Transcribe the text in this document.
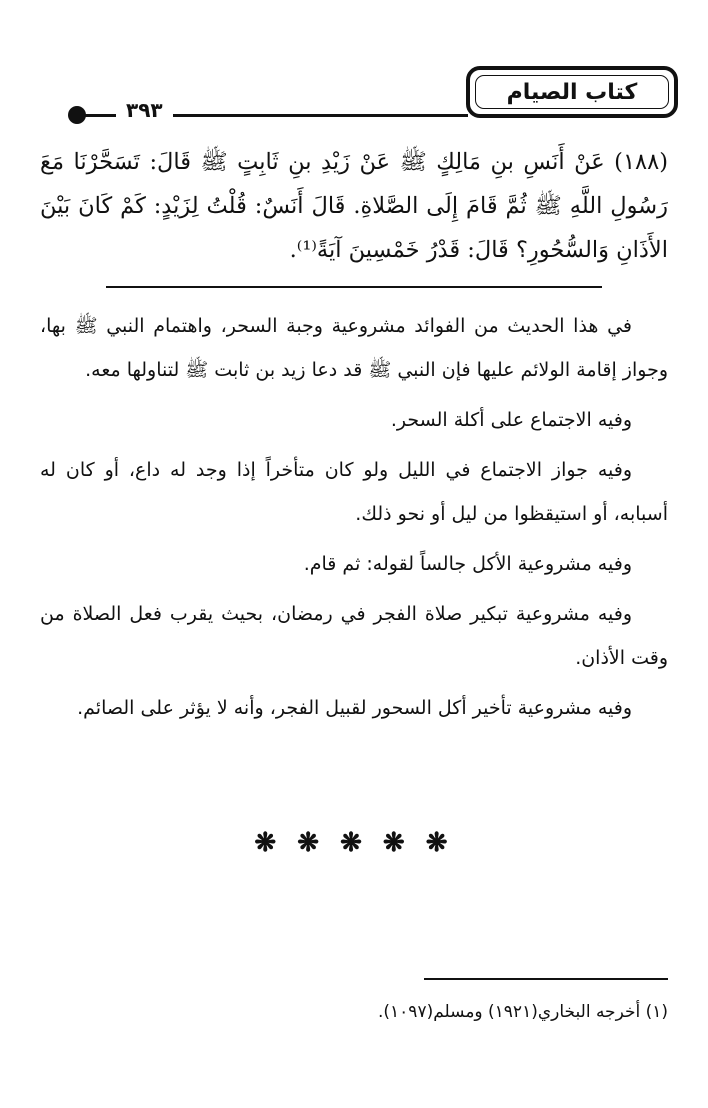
٣٩٣
كتاب الصيام
(١٨٨) عَنْ أَنَسِ بنِ مَالِكٍ ﷺ عَنْ زَيْدِ بنِ ثَابِتٍ ﷺ قَالَ: تَسَحَّرْنَا مَعَ رَسُولِ اللَّهِ ﷺ ثُمَّ قَامَ إِلَى الصَّلاةِ. قَالَ أَنَسٌ: قُلْتُ لِزَيْدٍ: كَمْ كَانَ بَيْنَ الأَذَانِ وَالسُّحُورِ؟ قَالَ: قَدْرُ خَمْسِينَ آيَةً⁽¹⁾.

في هذا الحديث من الفوائد مشروعية وجبة السحر، واهتمام النبي ﷺ بها، وجواز إقامة الولائم عليها فإن النبي ﷺ قد دعا زيد بن ثابت ﷺ لتناولها معه.

وفيه الاجتماع على أكلة السحر.

وفيه جواز الاجتماع في الليل ولو كان متأخراً إذا وجد له داع، أو كان له أسبابه، أو استيقظوا من ليل أو نحو ذلك.

وفيه مشروعية الأكل جالساً لقوله: ثم قام.

وفيه مشروعية تبكير صلاة الفجر في رمضان، بحيث يقرب فعل الصلاة من وقت الأذان.

وفيه مشروعية تأخير أكل السحور لقبيل الفجر، وأنه لا يؤثر على الصائم.

❋ ❋ ❋ ❋ ❋
(١) أخرجه البخاري(١٩٢١) ومسلم(١٠٩٧).
